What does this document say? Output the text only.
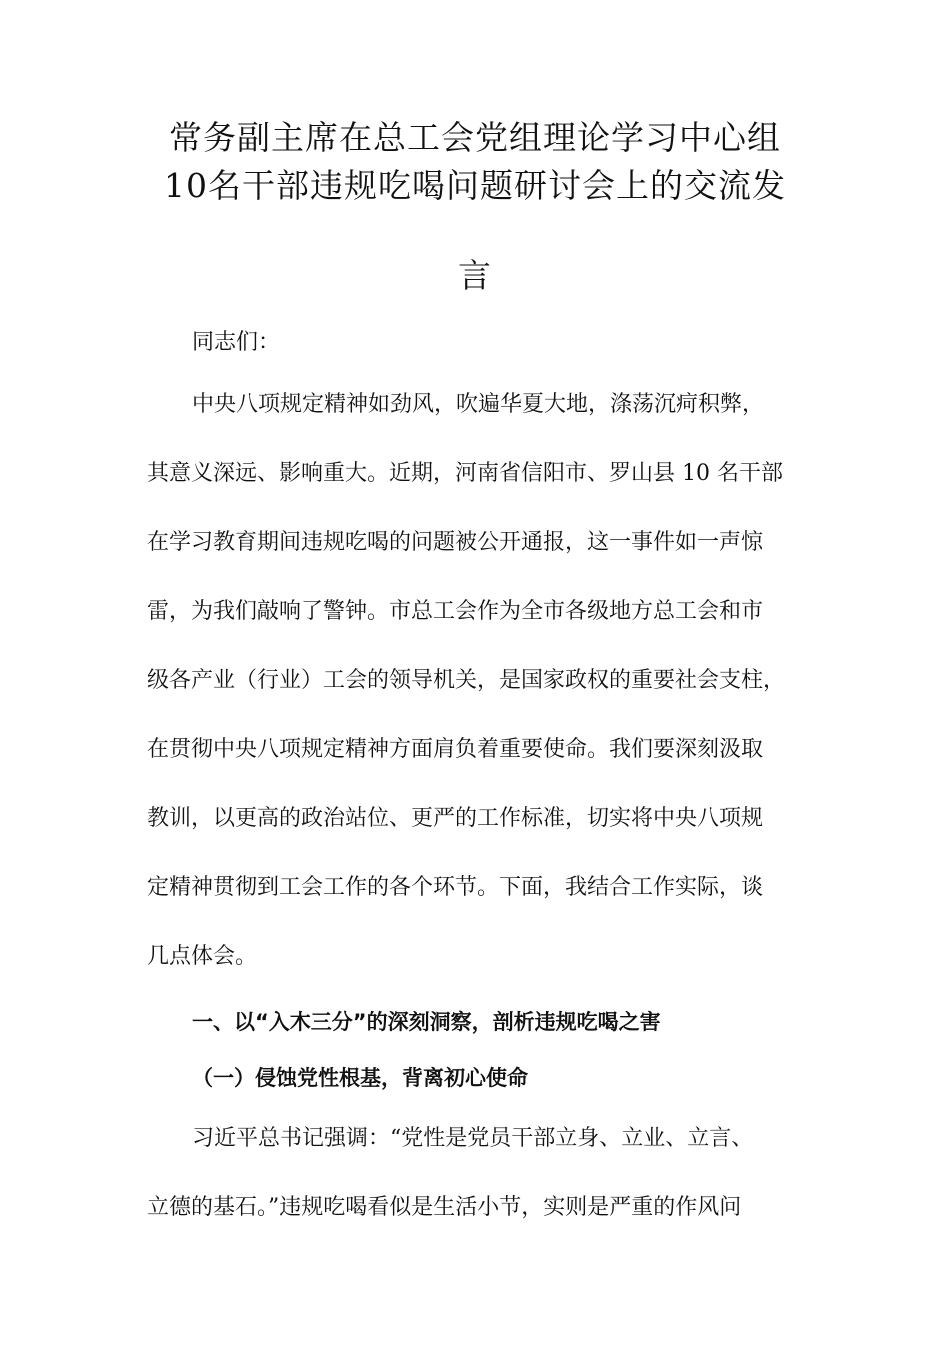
常务副主席在总工会党组理论学习中心组
10名干部违规吃喝问题研讨会上的交流发
言
同志们：
中央八项规定精神如劲风，吹遍华夏大地，涤荡沉疴积弊，
其意义深远、影响重大。近期，河南省信阳市、罗山县 10 名干部
在学习教育期间违规吃喝的问题被公开通报，这一事件如一声惊
雷，为我们敲响了警钟。市总工会作为全市各级地方总工会和市
级各产业（行业）工会的领导机关，是国家政权的重要社会支柱，
在贯彻中央八项规定精神方面肩负着重要使命。我们要深刻汲取
教训，以更高的政治站位、更严的工作标准，切实将中央八项规
定精神贯彻到工会工作的各个环节。下面，我结合工作实际，谈
几点体会。
一、以“入木三分”的深刻洞察，剖析违规吃喝之害
（一）侵蚀党性根基，背离初心使命
习近平总书记强调：“党性是党员干部立身、立业、立言、
立德的基石。”违规吃喝看似是生活小节，实则是严重的作风问
